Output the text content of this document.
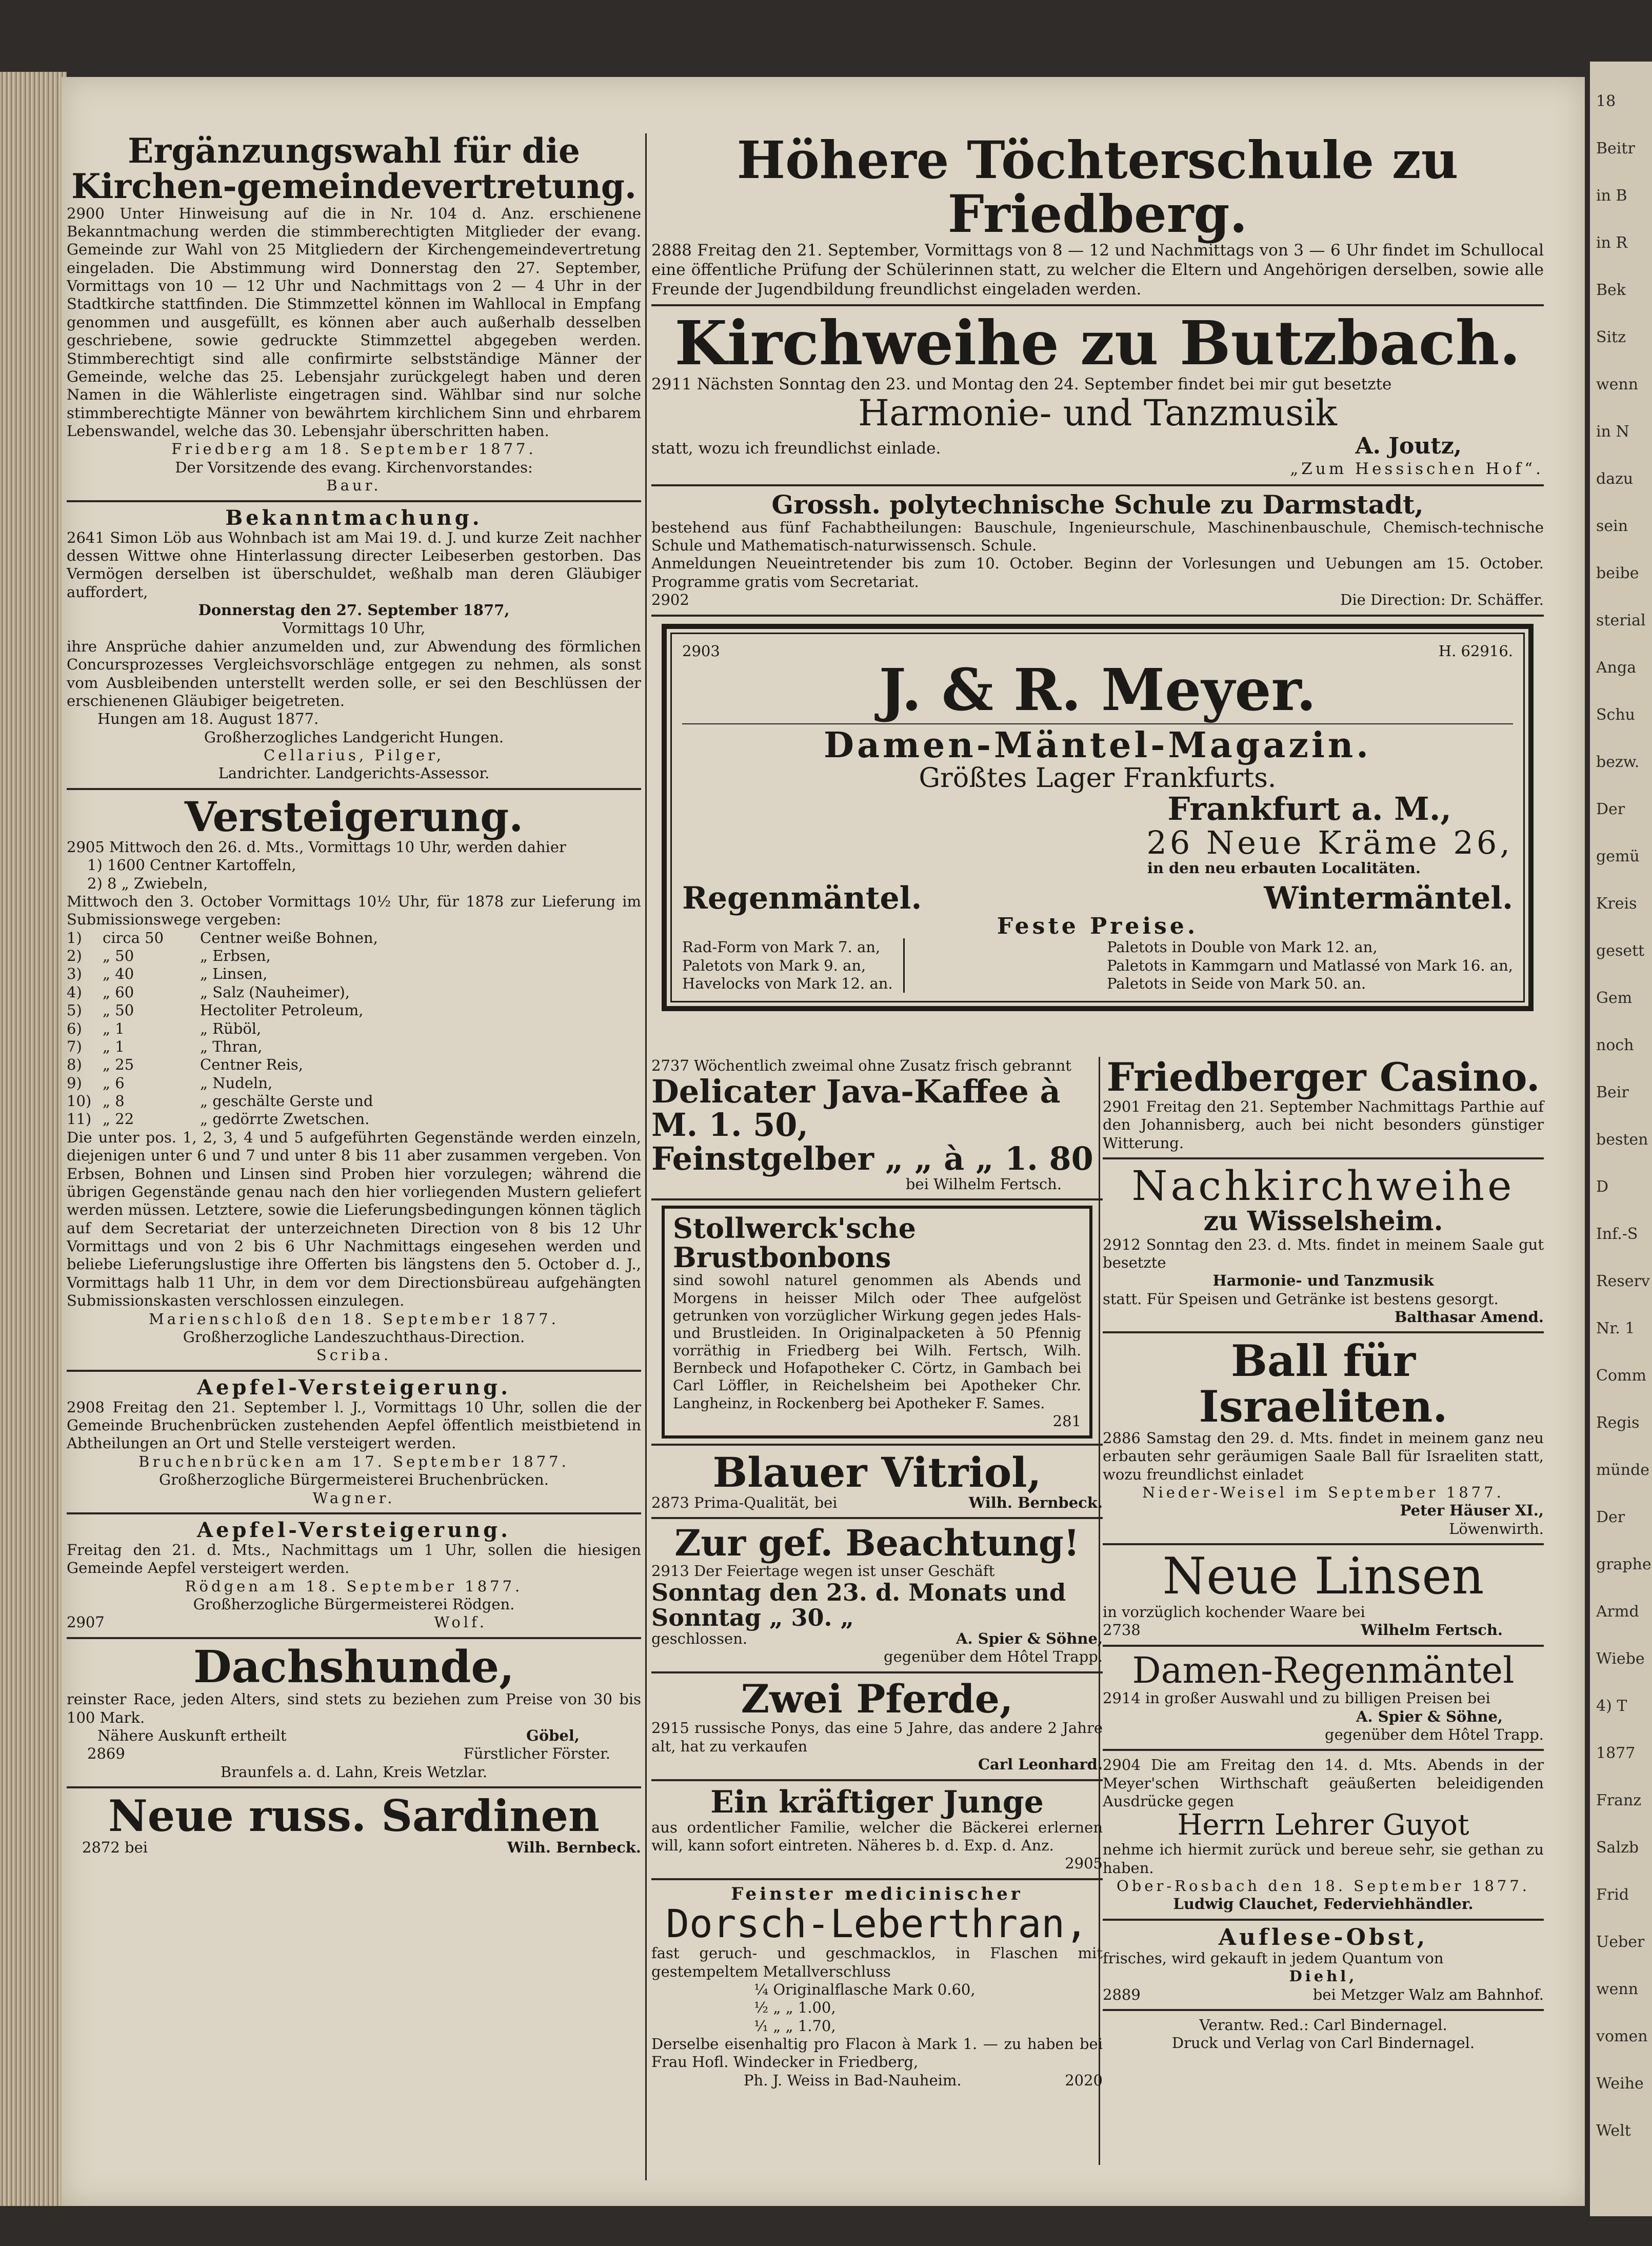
18
Beitr
in B
in R
Bek
Sitz
wenn
in N
dazu
sein
beibe
sterial
Anga
Schu
bezw.
Der
gemü
Kreis
gesett
Gem
noch
Beir
besten
D
Inf.-S
Reserv
Nr. 1
Comm
Regis
münde
Der
graphe
Armd
Wiebe
4) T
1877
Franz
Salzb
Frid
Ueber
wenn
vomen
Weihe
Welt
Ergänzungswahl für die Kirchen-gemeindevertretung.

2900 Unter Hinweisung auf die in Nr. 104 d. Anz. erschienene Bekanntmachung werden die stimmberechtigten Mitglieder der evang. Gemeinde zur Wahl von 25 Mitgliedern der Kirchengemeindevertretung eingeladen. Die Abstimmung wird Donnerstag den 27. September, Vormittags von 10 — 12 Uhr und Nachmittags von 2 — 4 Uhr in der Stadtkirche stattfinden. Die Stimmzettel können im Wahllocal in Empfang genommen und ausgefüllt, es können aber auch außerhalb desselben geschriebene, sowie gedruckte Stimmzettel abgegeben werden. Stimmberechtigt sind alle confirmirte selbstständige Männer der Gemeinde, welche das 25. Lebensjahr zurückgelegt haben und deren Namen in die Wählerliste eingetragen sind. Wählbar sind nur solche stimmberechtigte Männer von bewährtem kirchlichem Sinn und ehrbarem Lebenswandel, welche das 30. Lebensjahr überschritten haben.

Friedberg am 18. September 1877.

Der Vorsitzende des evang. Kirchenvorstandes:

Baur.

Bekanntmachung.

2641 Simon Löb aus Wohnbach ist am Mai 19. d. J. und kurze Zeit nachher dessen Wittwe ohne Hinterlassung directer Leibeserben gestorben. Das Vermögen derselben ist überschuldet, weßhalb man deren Gläubiger auffordert,

Donnerstag den 27. September 1877,

Vormittags 10 Uhr,

ihre Ansprüche dahier anzumelden und, zur Abwendung des förmlichen Concursprozesses Vergleichsvorschläge entgegen zu nehmen, als sonst vom Ausbleibenden unterstellt werden solle, er sei den Beschlüssen der erschienenen Gläubiger beigetreten.

Hungen am 18. August 1877.

Großherzogliches Landgericht Hungen.

Cellarius, Pilger,

Landrichter. Landgerichts-Assessor.

Versteigerung.

2905 Mittwoch den 26. d. Mts., Vormittags 10 Uhr, werden dahier

1) 1600 Centner Kartoffeln,

2) 8 „ Zwiebeln,

Mittwoch den 3. October Vormittags 10½ Uhr, für 1878 zur Lieferung im Submissionswege vergeben:

1)	circa 50	Centner weiße Bohnen,
2)	„ 50	„ Erbsen,
3)	„ 40	„ Linsen,
4)	„ 60	„ Salz (Nauheimer),
5)	„ 50	Hectoliter Petroleum,
6)	„ 1	„ Rüböl,
7)	„ 1	„ Thran,
8)	„ 25	Centner Reis,
9)	„ 6	„ Nudeln,
10) „ 8	„ geschälte Gerste und
11) „ 22	„ gedörrte Zwetschen.

Die unter pos. 1, 2, 3, 4 und 5 aufgeführten Gegenstände werden einzeln, diejenigen unter 6 und 7 und unter 8 bis 11 aber zusammen vergeben. Von Erbsen, Bohnen und Linsen sind Proben hier vorzulegen; während die übrigen Gegenstände genau nach den hier vorliegenden Mustern geliefert werden müssen. Letztere, sowie die Lieferungsbedingungen können täglich auf dem Secretariat der unterzeichneten Direction von 8 bis 12 Uhr Vormittags und von 2 bis 6 Uhr Nachmittags eingesehen werden und beliebe Lieferungslustige ihre Offerten bis längstens den 5. October d. J., Vormittags halb 11 Uhr, in dem vor dem Directionsbüreau aufgehängten Submissionskasten verschlossen einzulegen.

Marienschloß den 18. September 1877.

Großherzogliche Landeszuchthaus-Direction.

Scriba.

Aepfel-Versteigerung.

2908 Freitag den 21. September l. J., Vormittags 10 Uhr, sollen die der Gemeinde Bruchenbrücken zustehenden Aepfel öffentlich meistbietend in Abtheilungen an Ort und Stelle versteigert werden.

Bruchenbrücken am 17. September 1877.

Großherzogliche Bürgermeisterei Bruchenbrücken.

Wagner.

Aepfel-Versteigerung.

Freitag den 21. d. Mts., Nachmittags um 1 Uhr, sollen die hiesigen Gemeinde Aepfel versteigert werden.

Rödgen am 18. September 1877.

Großherzogliche Bürgermeisterei Rödgen.

2907	Wolf.
Dachshunde,

reinster Race, jeden Alters, sind stets zu beziehen zum Preise von 30 bis 100 Mark.

Nähere Auskunft ertheilt	Göbel,
2869	Fürstlicher Förster.

Braunfels a. d. Lahn, Kreis Wetzlar.

Neue russ. Sardinen
2872 bei	Wilh. Bernbeck.
Höhere Töchterschule zu Friedberg.

2888 Freitag den 21. September, Vormittags von 8 — 12 und Nachmittags von 3 — 6 Uhr findet im Schullocal eine öffentliche Prüfung der Schülerinnen statt, zu welcher die Eltern und Angehörigen derselben, sowie alle Freunde der Jugendbildung freundlichst eingeladen werden.

Kirchweihe zu Butzbach.

2911 Nächsten Sonntag den 23. und Montag den 24. September findet bei mir gut besetzte

Harmonie- und Tanzmusik
statt, wozu ich freundlichst einlade.	A. Joutz,

„Zum Hessischen Hof“.

Grossh. polytechnische Schule zu Darmstadt,

bestehend aus fünf Fachabtheilungen: Bauschule, Ingenieurschule, Maschinenbauschule, Chemisch-technische Schule und Mathematisch-naturwissensch. Schule.

Anmeldungen Neueintretender bis zum 10. October. Beginn der Vorlesungen und Uebungen am 15. October. Programme gratis vom Secretariat.

2902	Die Direction: Dr. Schäffer.
2903	H. 62916.
J. & R. Meyer.
Damen-Mäntel-Magazin.
Größtes Lager Frankfurts.
Frankfurt a. M.,
26 Neue Kräme 26,

in den neu erbauten Localitäten.

Regenmäntel.	Wintermäntel.
Feste Preise.

Rad-Form von Mark 7. an,

Paletots von Mark 9. an,

Havelocks von Mark 12. an.

Paletots in Double von Mark 12. an,

Paletots in Kammgarn und Matlassé von Mark 16. an,

Paletots in Seide von Mark 50. an.

2737 Wöchentlich zweimal ohne Zusatz frisch gebrannt

Delicater Java-Kaffee à M. 1. 50,
Feinstgelber „ „ à „ 1. 80

bei Wilhelm Fertsch.

Stollwerck'sche Brustbonbons

sind sowohl naturel genommen als Abends und Morgens in heisser Milch oder Thee aufgelöst getrunken von vorzüglicher Wirkung gegen jedes Hals- und Brustleiden. In Originalpacketen à 50 Pfennig vorräthig in Friedberg bei Wilh. Fertsch, Wilh. Bernbeck und Hofapotheker C. Cörtz, in Gambach bei Carl Löffler, in Reichelsheim bei Apotheker Chr. Langheinz, in Rockenberg bei Apotheker F. Sames.

281

Blauer Vitriol,
2873 Prima-Qualität, bei	Wilh. Bernbeck.
Zur gef. Beachtung!

2913 Der Feiertage wegen ist unser Geschäft

Sonntag den 23. d. Monats und
Sonntag „ 30. „
geschlossen.	A. Spier & Söhne,

gegenüber dem Hôtel Trapp.

Zwei Pferde,

2915 russische Ponys, das eine 5 Jahre, das andere 2 Jahre alt, hat zu verkaufen

Carl Leonhard.

Ein kräftiger Junge

aus ordentlicher Familie, welcher die Bäckerei erlernen will, kann sofort eintreten. Näheres b. d. Exp. d. Anz.

2905

Feinster medicinischer
Dorsch-Leberthran,

fast geruch- und geschmacklos, in Flaschen mit gestempeltem Metallverschluss

¼ Originalflasche Mark 0.60,

½ „ „ 1.00,

¹⁄₁ „ „ 1.70,

Derselbe eisenhaltig pro Flacon à Mark 1. — zu haben bei Frau Hofl. Windecker in Friedberg,

Ph. J. Weiss in Bad-Nauheim.	2020
Friedberger Casino.

2901 Freitag den 21. September Nachmittags Parthie auf den Johannisberg, auch bei nicht besonders günstiger Witterung.

Nachkirchweihe
zu Wisselsheim.

2912 Sonntag den 23. d. Mts. findet in meinem Saale gut besetzte

Harmonie- und Tanzmusik

statt. Für Speisen und Getränke ist bestens gesorgt.

Balthasar Amend.

Ball für Israeliten.

2886 Samstag den 29. d. Mts. findet in meinem ganz neu erbauten sehr geräumigen Saale Ball für Israeliten statt, wozu freundlichst einladet

Nieder-Weisel im September 1877.

Peter Häuser XI.,

Löwenwirth.

Neue Linsen

in vorzüglich kochender Waare bei

2738	Wilhelm Fertsch.
Damen-Regenmäntel

2914 in großer Auswahl und zu billigen Preisen bei

A. Spier & Söhne,

gegenüber dem Hôtel Trapp.

2904 Die am Freitag den 14. d. Mts. Abends in der Meyer'schen Wirthschaft geäußerten beleidigenden Ausdrücke gegen

Herrn Lehrer Guyot

nehme ich hiermit zurück und bereue sehr, sie gethan zu haben.

Ober-Rosbach den 18. September 1877.

Ludwig Clauchet, Federviehhändler.

Auflese-Obst,

frisches, wird gekauft in jedem Quantum von

Diehl,

2889	bei Metzger Walz am Bahnhof.

Verantw. Red.: Carl Bindernagel.

Druck und Verlag von Carl Bindernagel.
